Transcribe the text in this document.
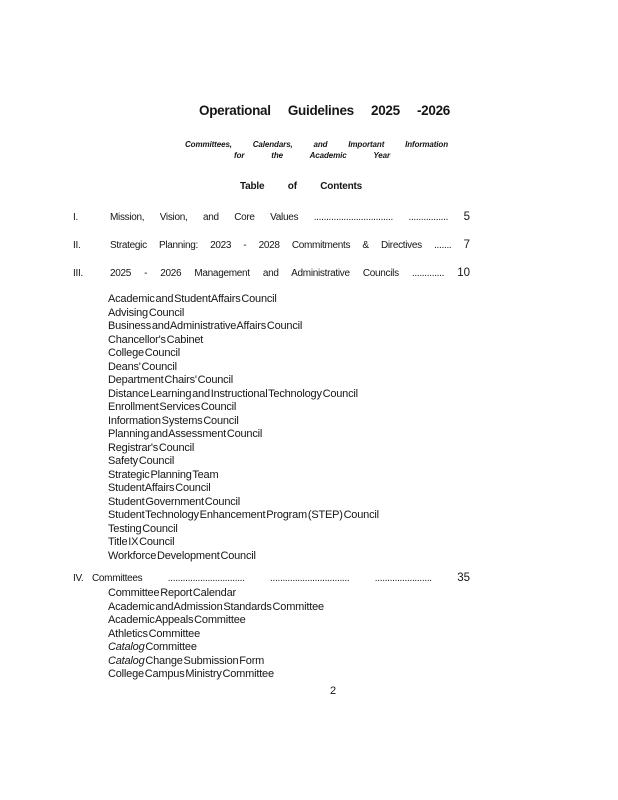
Operational Guidelines 2025 -2026
Committees, Calendars, and Important Information
for the Academic Year
Table of Contents
I.	Mission, Vision, and Core Values ................................ ................ 5
II.	Strategic Planning: 2023 - 2028 Commitments & Directives ....... 7
III.	2025 - 2026 Management and Administrative Councils ............. 10
Academic and Student Affairs Council
Advising Council
Business and Administrative Affairs Council
Chancellor's Cabinet
College Council
Deans' Council
Department Chairs' Council
Distance Learning and Instructional Technology Council
Enrollment Services Council
Information Systems Council
Planning and Assessment Council
Registrar's Council
Safety Council
Strategic Planning Team
Student Affairs Council
Student Government Council
Student Technology Enhancement Program (STEP) Council
Testing Council
Title IX Council
Workforce Development Council
IV. Committees	............................... ................................ ....................... 35
Committee Report Calendar
Academic and Admission Standards Committee
Academic Appeals Committee
Athletics Committee
Catalog Committee
Catalog Change Submission Form
College Campus Ministry Committee
2
